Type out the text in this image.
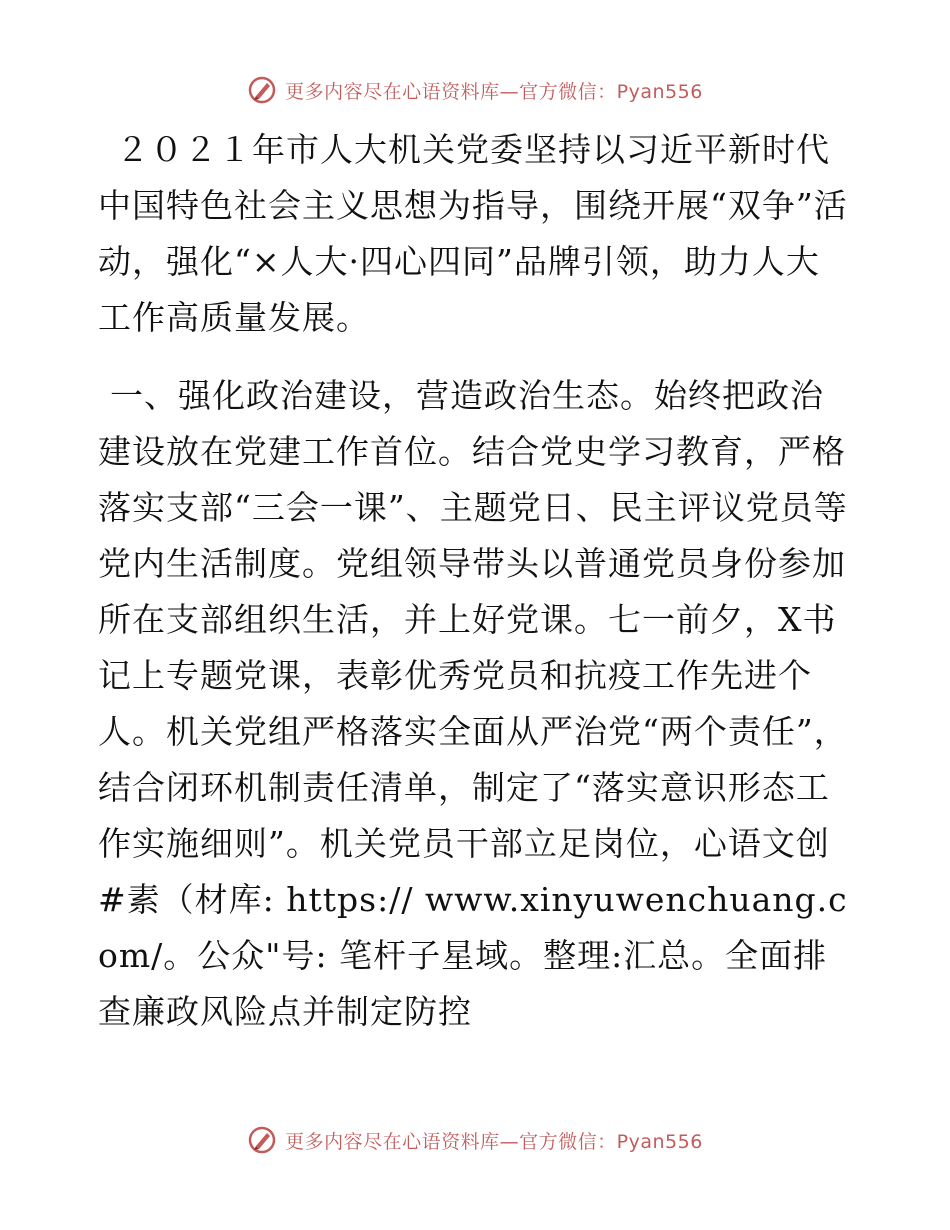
更多内容尽在心语资料库—官方微信：Pyan556

２０２１年市人大机关党委坚持以习近平新时代中国特色社会主义思想为指导，围绕开展“双争”活动，强化“×人大·四心四同”品牌引领，助力人大工作高质量发展。

一、强化政治建设，营造政治生态。始终把政治建设放在党建工作首位。结合党史学习教育，严格落实支部“三会一课”、主题党日、民主评议党员等党内生活制度。党组领导带头以普通党员身份参加所在支部组织生活，并上好党课。七一前夕，X书记上专题党课，表彰优秀党员和抗疫工作先进个人。机关党组严格落实全面从严治党“两个责任”，结合闭环机制责任清单，制定了“落实意识形态工作实施细则”。机关党员干部立足岗位，心语文创#素（材库: https:// www.xinyuwenchuang.com/。公众"号: 笔杆子星域。整理:汇总。全面排查廉政风险点并制定防控

更多内容尽在心语资料库—官方微信：Pyan556
